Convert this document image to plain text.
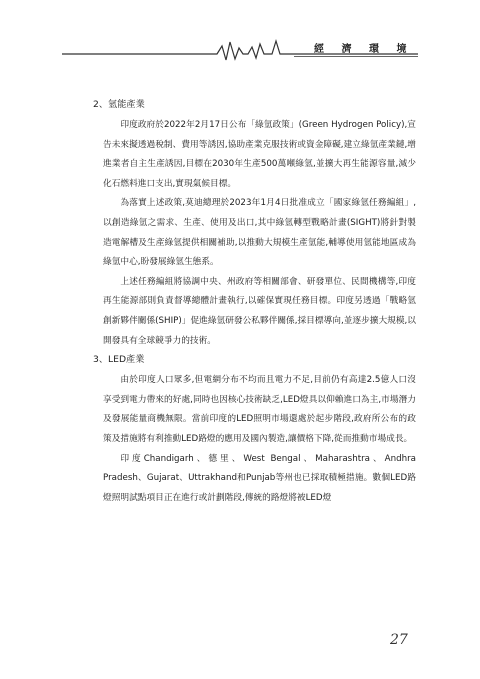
經 濟 環 境
2、氫能產業

印度政府於2022年2月17日公布「綠氫政策」(Green Hydrogen Policy),宣告未來擬透過稅制、費用等誘因,協助產業克服技術或資金障礙,建立綠氫產業鏈,增進業者自主生產誘因,目標在2030年生產500萬噸綠氫,並擴大再生能源容量,減少化石燃料進口支出,實現氣候目標。

為落實上述政策,莫迪總理於2023年1月4日批准成立「國家綠氫任務編組」,以創造綠氫之需求、生產、使用及出口,其中綠氫轉型戰略計畫(SIGHT)將針對製造電解槽及生產綠氫提供相關補助,以推動大規模生產氫能,輔導使用氫能地區成為綠氫中心,盼發展綠氫生態系。

上述任務編組將協調中央、州政府等相關部會、研發單位、民間機構等,印度再生能源部則負責督導總體計畫執行,以確保實現任務目標。印度另透過「戰略氫創新夥伴關係(SHIP)」促進綠氫研發公私夥伴關係,採目標導向,並逐步擴大規模,以開發具有全球競爭力的技術。

3、LED產業

由於印度人口眾多,但電網分布不均而且電力不足,目前仍有高達2.5億人口沒享受到電力帶來的好處,同時也因核心技術缺乏,LED燈具以仰賴進口為主,市場潛力及發展能量商機無限。當前印度的LED照明市場還處於起步階段,政府所公布的政策及措施將有利推動LED路燈的應用及國內製造,讓價格下降,從而推動市場成長。

印度Chandigarh、德里、West Bengal、Maharashtra、Andhra Pradesh、Gujarat、Uttrakhand和Punjab等州也已採取積極措施。數個LED路燈照明試點項目正在進行或計劃階段,傳統的路燈將被LED燈

27
